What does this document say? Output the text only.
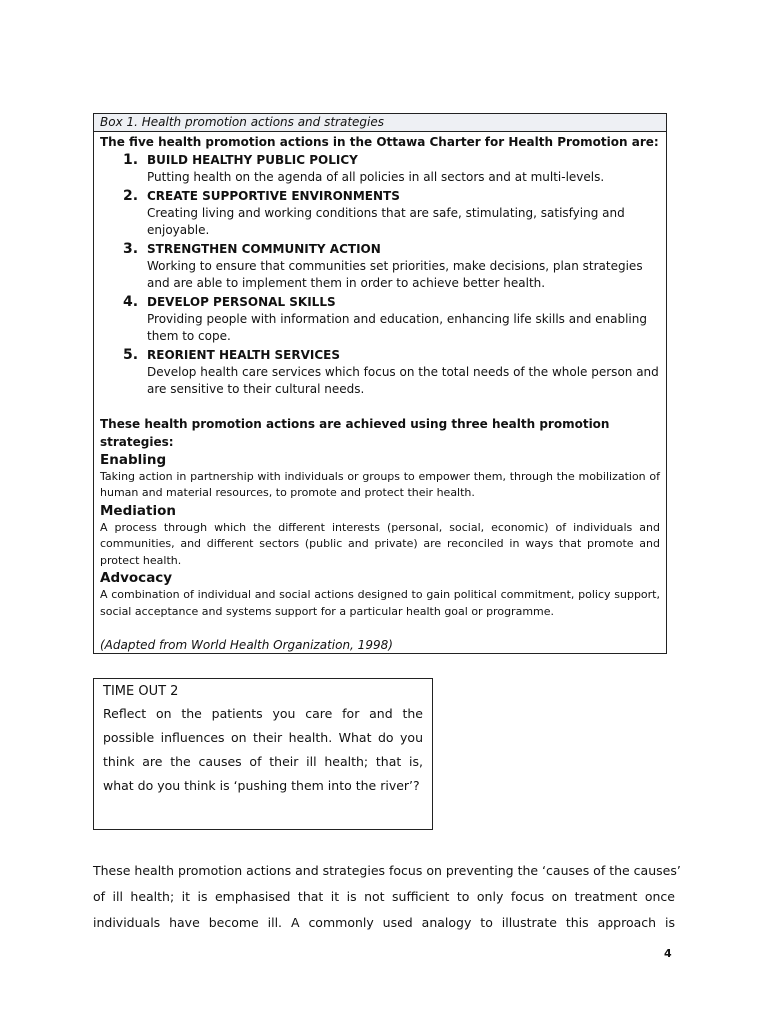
Box 1. Health promotion actions and strategies
The five health promotion actions in the Ottawa Charter for Health Promotion are:
1. BUILD HEALTHY PUBLIC POLICY
Putting health on the agenda of all policies in all sectors and at multi-levels.
2. CREATE SUPPORTIVE ENVIRONMENTS
Creating living and working conditions that are safe, stimulating, satisfying and enjoyable.
3. STRENGTHEN COMMUNITY ACTION
Working to ensure that communities set priorities, make decisions, plan strategies and are able to implement them in order to achieve better health.
4. DEVELOP PERSONAL SKILLS
Providing people with information and education, enhancing life skills and enabling them to cope.
5. REORIENT HEALTH SERVICES
Develop health care services which focus on the total needs of the whole person and are sensitive to their cultural needs.
These health promotion actions are achieved using three health promotion strategies:
Enabling
Taking action in partnership with individuals or groups to empower them, through the mobilization of human and material resources, to promote and protect their health.
Mediation
A process through which the different interests (personal, social, economic) of individuals and communities, and different sectors (public and private) are reconciled in ways that promote and protect health.
Advocacy
A combination of individual and social actions designed to gain political commitment, policy support, social acceptance and systems support for a particular health goal or programme.
(Adapted from World Health Organization, 1998)
TIME OUT 2
Reflect on the patients you care for and the possible influences on their health. What do you think are the causes of their ill health; that is, what do you think is ‘pushing them into the river’?
These health promotion actions and strategies focus on preventing the ‘causes of the causes’
of ill health; it is emphasised that it is not sufficient to only focus on treatment once
individuals have become ill. A commonly used analogy to illustrate this approach is
4
